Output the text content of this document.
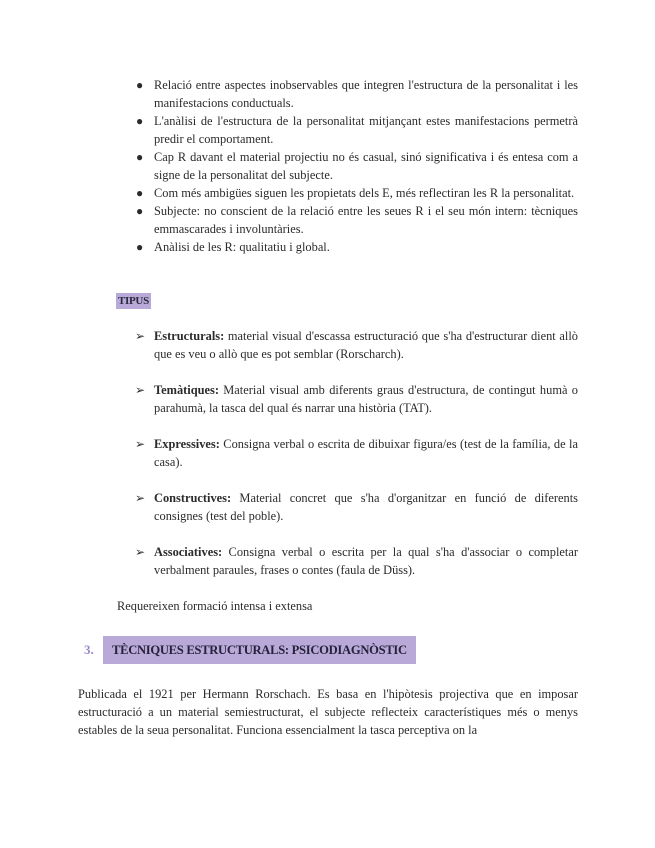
● Relació entre aspectes inobservables que integren l'estructura de la personalitat i les manifestacions conductuals.
● L'anàlisi de l'estructura de la personalitat mitjançant estes manifestacions permetrà predir el comportament.
● Cap R davant el material projectiu no és casual, sinó significativa i és entesa com a signe de la personalitat del subjecte.
● Com més ambigües siguen les propietats dels E, més reflectiran les R la personalitat.
● Subjecte: no conscient de la relació entre les seues R i el seu món intern: tècniques emmascarades i involuntàries.
● Anàlisi de les R: qualitatiu i global.
TIPUS
➢ Estructurals: material visual d'escassa estructuració que s'ha d'estructurar dient allò que es veu o allò que es pot semblar (Rorscharch).
➢ Temàtiques: Material visual amb diferents graus d'estructura, de contingut humà o parahumà, la tasca del qual és narrar una història (TAT).
➢ Expressives: Consigna verbal o escrita de dibuixar figura/es (test de la família, de la casa).
➢ Constructives: Material concret que s'ha d'organitzar en funció de diferents consignes (test del poble).
➢ Associatives: Consigna verbal o escrita per la qual s'ha d'associar o completar verbalment paraules, frases o contes (faula de Düss).

Requereixen formació intensa i extensa

3.	TÈCNIQUES ESTRUCTURALS: PSICODIAGNÒSTIC

Publicada el 1921 per Hermann Rorschach. Es basa en l'hipòtesis projectiva que en imposar estructuració a un material semiestructurat, el subjecte reflecteix característiques més o menys estables de la seua personalitat. Funciona essencialment la tasca perceptiva on la
